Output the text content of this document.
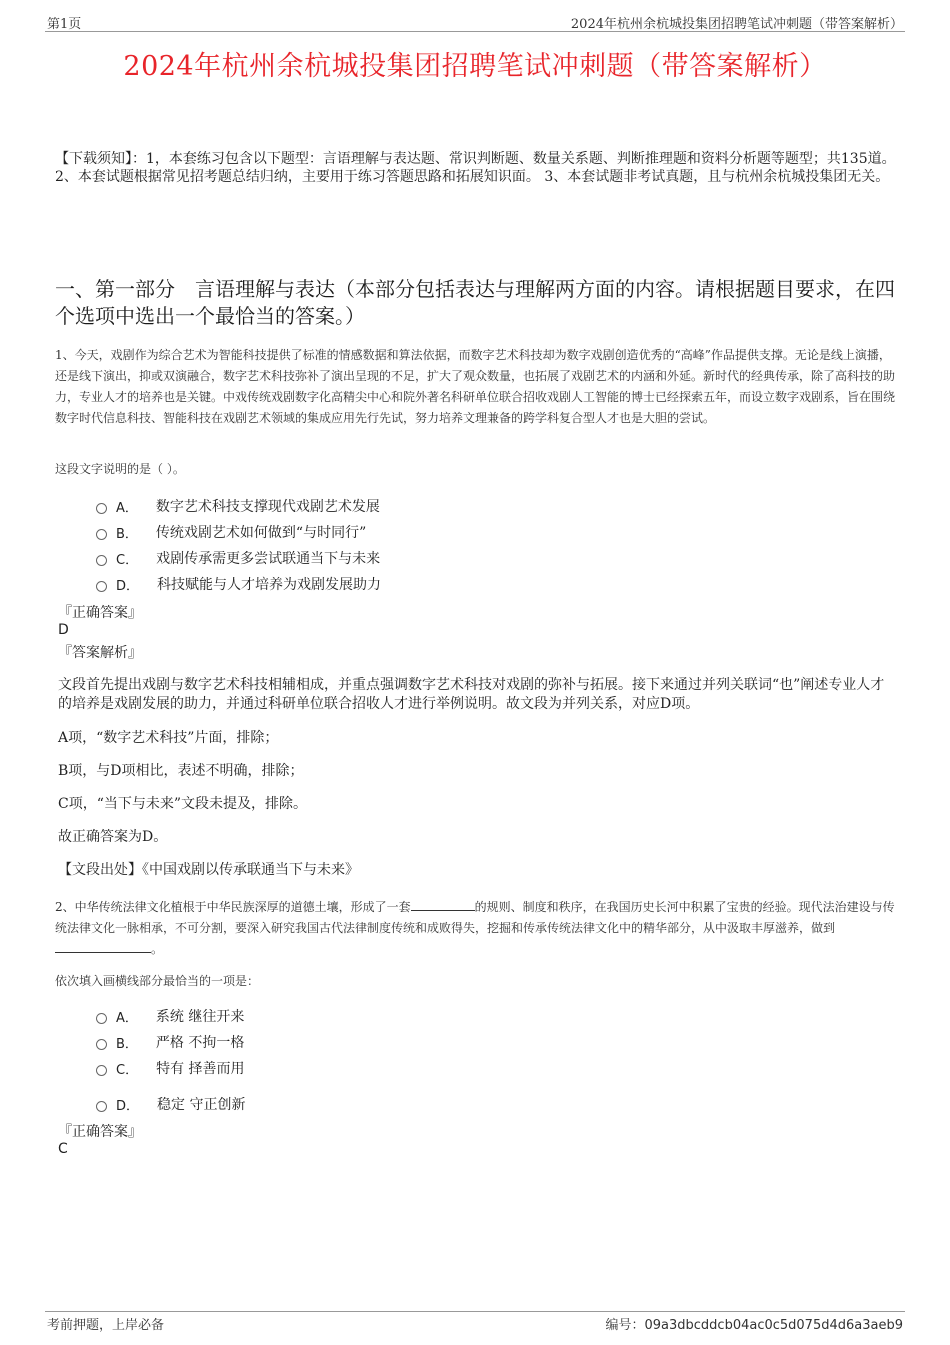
第1页	2024年杭州余杭城投集团招聘笔试冲刺题（带答案解析）
2024年杭州余杭城投集团招聘笔试冲刺题（带答案解析）
【下载须知】：1，本套练习包含以下题型：言语理解与表达题、常识判断题、数量关系题、判断推理题和资料分析题等题型；共135道。 2、本套试题根据常见招考题总结归纳，主要用于练习答题思路和拓展知识面。 3、本套试题非考试真题，且与杭州余杭城投集团无关。
一、第一部分　言语理解与表达（本部分包括表达与理解两方面的内容。请根据题目要求，在四个选项中选出一个最恰当的答案。）
1、今天，戏剧作为综合艺术为智能科技提供了标准的情感数据和算法依据，而数字艺术科技却为数字戏剧创造优秀的“高峰”作品提供支撑。无论是线上演播，还是线下演出，抑或双演融合，数字艺术科技弥补了演出呈现的不足，扩大了观众数量，也拓展了戏剧艺术的内涵和外延。新时代的经典传承，除了高科技的助力，专业人才的培养也是关键。中戏传统戏剧数字化高精尖中心和院外著名科研单位联合招收戏剧人工智能的博士已经探索五年，而设立数字戏剧系，旨在围绕数字时代信息科技、智能科技在戏剧艺术领域的集成应用先行先试，努力培养文理兼备的跨学科复合型人才也是大胆的尝试。
这段文字说明的是（ ）。
A． 数字艺术科技支撑现代戏剧艺术发展
B． 传统戏剧艺术如何做到“与时同行”
C． 戏剧传承需更多尝试联通当下与未来
D． 科技赋能与人才培养为戏剧发展助力
『正确答案』
D
『答案解析』
文段首先提出戏剧与数字艺术科技相辅相成，并重点强调数字艺术科技对戏剧的弥补与拓展。接下来通过并列关联词“也”阐述专业人才的培养是戏剧发展的助力，并通过科研单位联合招收人才进行举例说明。故文段为并列关系，对应D项。
A项，“数字艺术科技”片面，排除；
B项，与D项相比，表述不明确，排除；
C项，“当下与未来”文段未提及，排除。
故正确答案为D。
【文段出处】《中国戏剧以传承联通当下与未来》
2、中华传统法律文化植根于中华民族深厚的道德土壤，形成了一套	的规则、制度和秩序，在我国历史长河中积累了宝贵的经验。现代法治建设与传统法律文化一脉相承，不可分割，要深入研究我国古代法律制度传统和成败得失，挖掘和传承传统法律文化中的精华部分，从中汲取丰厚滋养，做到。
依次填入画横线部分最恰当的一项是：
A． 系统 继往开来
B． 严格 不拘一格
C． 特有 择善而用
D． 稳定 守正创新
『正确答案』
C
考前押题，上岸必备	编号：09a3dbcddcb04ac0c5d075d4d6a3aeb9
